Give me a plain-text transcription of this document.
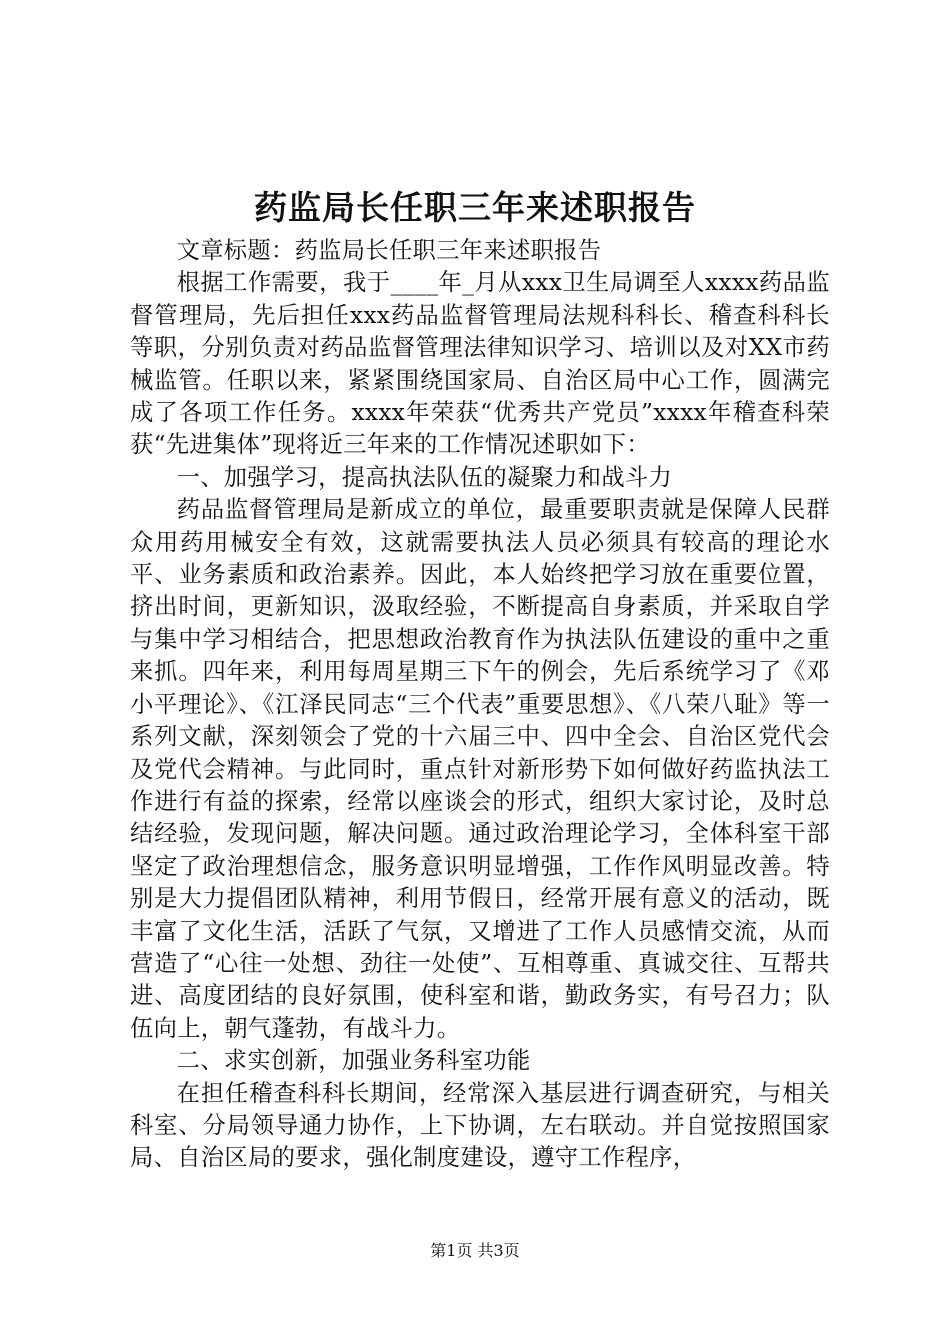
药监局长任职三年来述职报告

文章标题：药监局长任职三年来述职报告

根据工作需要，我于____年_月从xxx卫生局调至人xxxx药品监督管理局，先后担任xxx药品监督管理局法规科科长、稽查科科长等职，分别负责对药品监督管理法律知识学习、培训以及对XX市药械监管。任职以来，紧紧围绕国家局、自治区局中心工作，圆满完成了各项工作任务。xxxx年荣获“优秀共产党员”xxxx年稽查科荣获“先进集体”现将近三年来的工作情况述职如下：

一、加强学习，提高执法队伍的凝聚力和战斗力

药品监督管理局是新成立的单位，最重要职责就是保障人民群众用药用械安全有效，这就需要执法人员必须具有较高的理论水平、业务素质和政治素养。因此，本人始终把学习放在重要位置，挤出时间，更新知识，汲取经验，不断提高自身素质，并采取自学与集中学习相结合，把思想政治教育作为执法队伍建设的重中之重来抓。四年来，利用每周星期三下午的例会，先后系统学习了《邓小平理论》、《江泽民同志“三个代表”重要思想》、《八荣八耻》等一系列文献，深刻领会了党的十六届三中、四中全会、自治区党代会及党代会精神。与此同时，重点针对新形势下如何做好药监执法工作进行有益的探索，经常以座谈会的形式，组织大家讨论，及时总结经验，发现问题，解决问题。通过政治理论学习，全体科室干部坚定了政治理想信念，服务意识明显增强，工作作风明显改善。特别是大力提倡团队精神，利用节假日，经常开展有意义的活动，既丰富了文化生活，活跃了气氛，又增进了工作人员感情交流，从而营造了“心往一处想、劲往一处使”、互相尊重、真诚交往、互帮共进、高度团结的良好氛围，使科室和谐，勤政务实，有号召力；队伍向上，朝气蓬勃，有战斗力。

二、求实创新，加强业务科室功能

在担任稽查科科长期间，经常深入基层进行调查研究，与相关科室、分局领导通力协作，上下协调，左右联动。并自觉按照国家局、自治区局的要求，强化制度建设，遵守工作程序，

第1页 共3页
